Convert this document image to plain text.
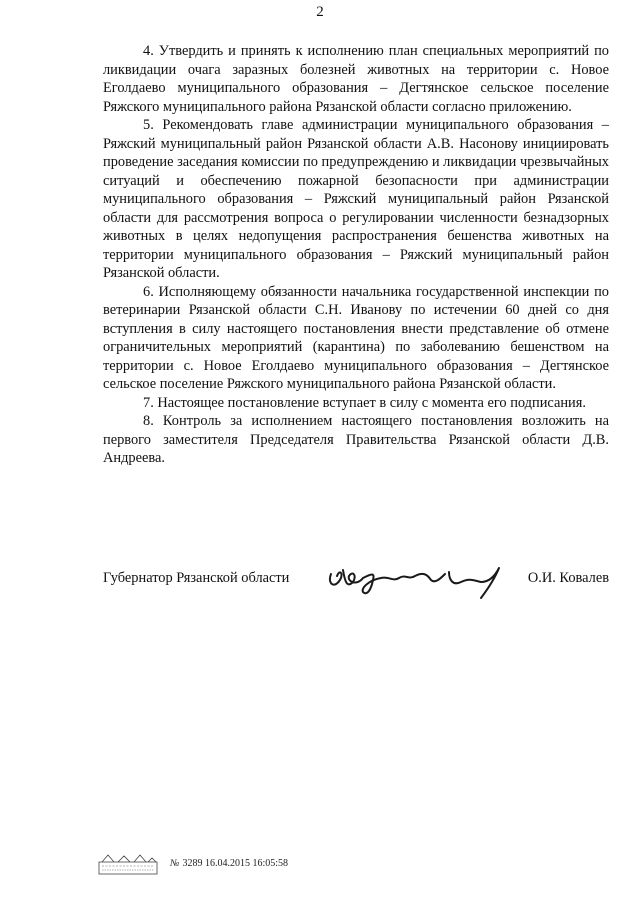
2

4. Утвердить и принять к исполнению план специальных мероприятий по ликвидации очага заразных болезней животных на территории с. Новое Еголдаево муниципального образования – Дегтянское сельское поселение Ряжского муниципального района Рязанской области согласно приложению.

5. Рекомендовать главе администрации муниципального образования – Ряжский муниципальный район Рязанской области А.В. Насонову инициировать проведение заседания комиссии по предупреждению и ликвидации чрезвычайных ситуаций и обеспечению пожарной безопасности при администрации муниципального образования – Ряжский муниципальный район Рязанской области для рассмотрения вопроса о регулировании численности безнадзорных животных в целях недопущения распространения бешенства животных на территории муниципального образования – Ряжский муниципальный район Рязанской области.

6. Исполняющему обязанности начальника государственной инспекции по ветеринарии Рязанской области С.Н. Иванову по истечении 60 дней со дня вступления в силу настоящего постановления внести представление об отмене ограничительных мероприятий (карантина) по заболеванию бешенством на территории с. Новое Еголдаево муниципального образования – Дегтянское сельское поселение Ряжского муниципального района Рязанской области.

7. Настоящее постановление вступает в силу с момента его подписания.

8. Контроль за исполнением настоящего постановления возложить на первого заместителя Председателя Правительства Рязанской области Д.В. Андреева.

Губернатор Рязанской области	О.И. Ковалев
№ 3289 16.04.2015 16:05:58
